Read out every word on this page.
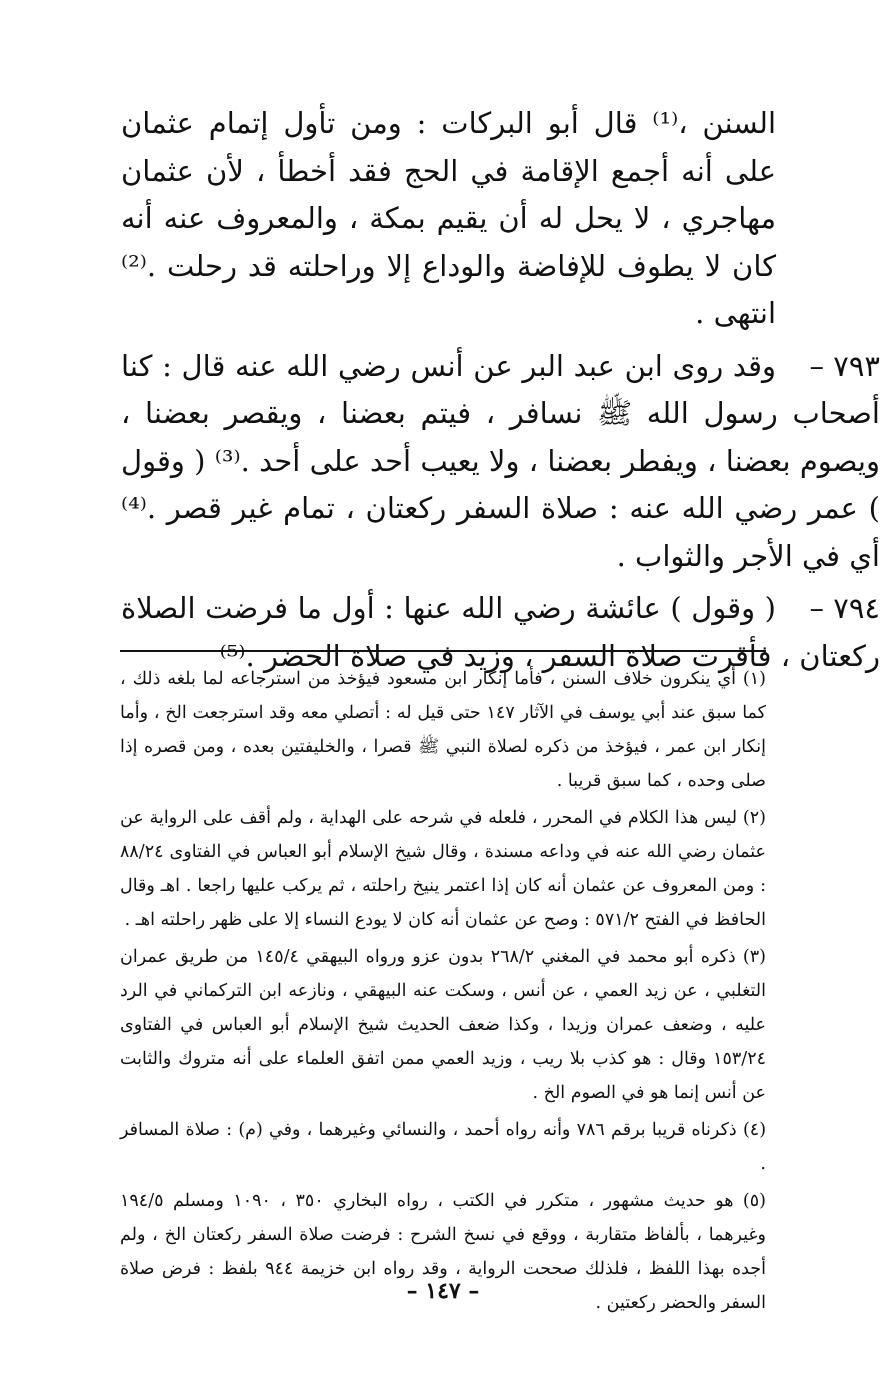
السنن ،⁽¹⁾ قال أبو البركات : ومن تأول إتمام عثمان على أنه أجمع الإقامة في الحج فقد أخطأ ، لأن عثمان مهاجري ، لا يحل له أن يقيم بمكة ، والمعروف عنه أنه كان لا يطوف للإفاضة والوداع إلا وراحلته قد رحلت .⁽²⁾ انتهى .

٧٩٣ –وقد روى ابن عبد البر عن أنس رضي الله عنه قال : كنا أصحاب رسول الله ﷺ نسافر ، فيتم بعضنا ، ويقصر بعضنا ، ويصوم بعضنا ، ويفطر بعضنا ، ولا يعيب أحد على أحد .⁽³⁾ ( وقول ) عمر رضي الله عنه : صلاة السفر ركعتان ، تمام غير قصر .⁽⁴⁾ أي في الأجر والثواب .

٧٩٤ –( وقول ) عائشة رضي الله عنها : أول ما فرضت الصلاة ركعتان ، فأقرت صلاة السفر ، وزيد في صلاة الحضر .⁽⁵⁾

(١) أي ينكرون خلاف السنن ، فأما إنكار ابن مسعود فيؤخذ من استرجاعه لما بلغه ذلك ، كما سبق عند أبي يوسف في الآثار ١٤٧ حتى قيل له : أتصلي معه وقد استرجعت الخ ، وأما إنكار ابن عمر ، فيؤخذ من ذكره لصلاة النبي ﷺ قصرا ، والخليفتين بعده ، ومن قصره إذا صلى وحده ، كما سبق قريبا .

(٢) ليس هذا الكلام في المحرر ، فلعله في شرحه على الهداية ، ولم أقف على الرواية عن عثمان رضي الله عنه في وداعه مسندة ، وقال شيخ الإسلام أبو العباس في الفتاوى ٨٨/٢٤ : ومن المعروف عن عثمان أنه كان إذا اعتمر ينيخ راحلته ، ثم يركب عليها راجعا . اهـ وقال الحافظ في الفتح ٥٧١/٢ : وصح عن عثمان أنه كان لا يودع النساء إلا على ظهر راحلته اهـ .

(٣) ذكره أبو محمد في المغني ٢٦٨/٢ بدون عزو ورواه البيهقي ١٤٥/٤ من طريق عمران التغلبي ، عن زيد العمي ، عن أنس ، وسكت عنه البيهقي ، ونازعه ابن التركماني في الرد عليه ، وضعف عمران وزيدا ، وكذا ضعف الحديث شيخ الإسلام أبو العباس في الفتاوى ١٥٣/٢٤ وقال : هو كذب بلا ريب ، وزيد العمي ممن اتفق العلماء على أنه متروك والثابت عن أنس إنما هو في الصوم الخ .

(٤) ذكرناه قريبا برقم ٧٨٦ وأنه رواه أحمد ، والنسائي وغيرهما ، وفي (م) : صلاة المسافر .

(٥) هو حديث مشهور ، متكرر في الكتب ، رواه البخاري ٣٥٠ ، ١٠٩٠ ومسلم ١٩٤/٥ وغيرهما ، بألفاظ متقاربة ، ووقع في نسخ الشرح : فرضت صلاة السفر ركعتان الخ ، ولم أجده بهذا اللفظ ، فلذلك صححت الرواية ، وقد رواه ابن خزيمة ٩٤٤ بلفظ : فرض صلاة السفر والحضر ركعتين .

– ١٤٧ –
